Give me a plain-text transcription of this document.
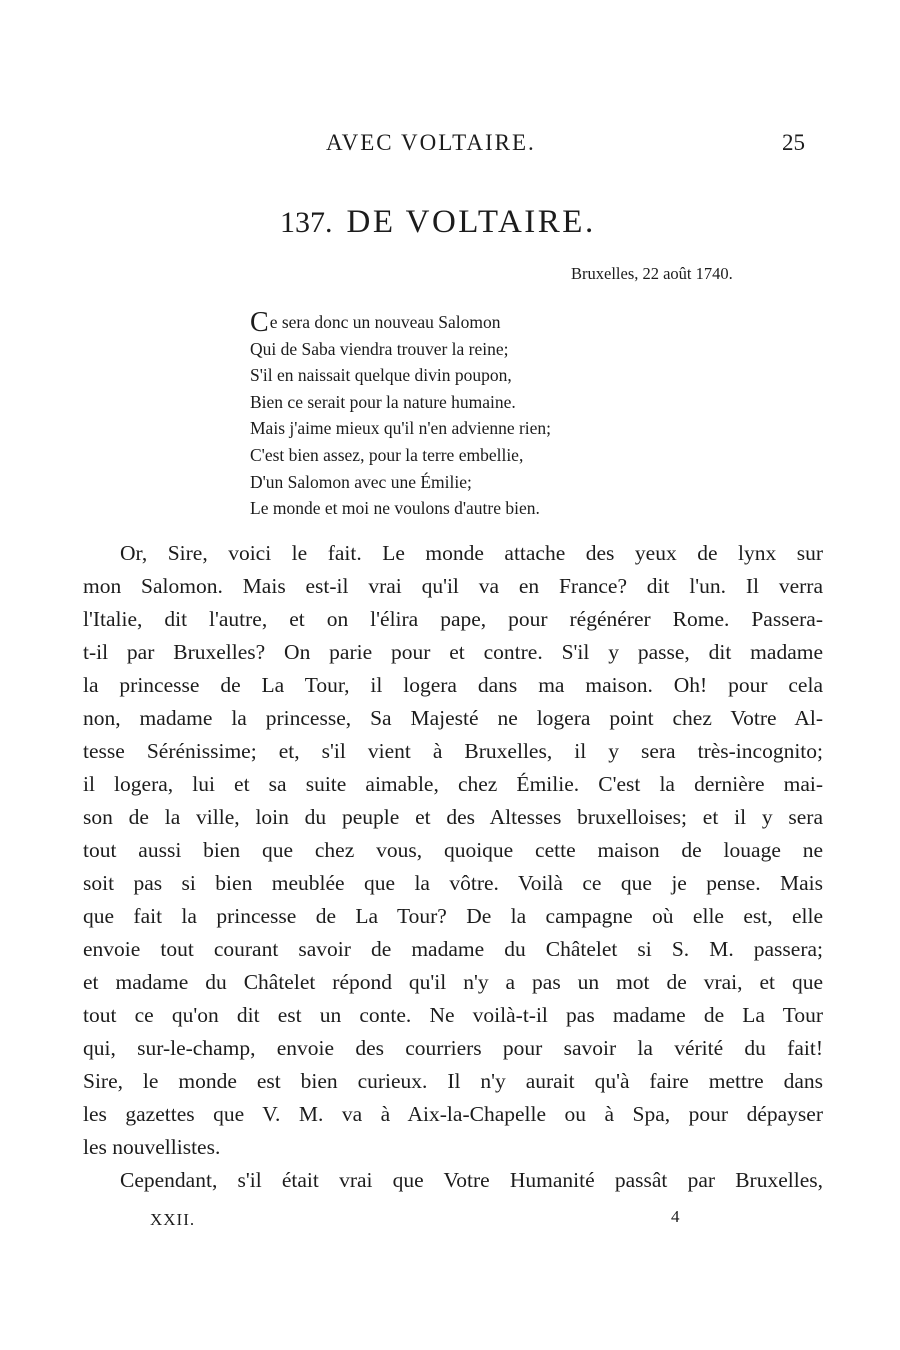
AVEC VOLTAIRE.	25
137. DE VOLTAIRE.
Bruxelles, 22 août 1740.
Ce sera donc un nouveau Salomon
Qui de Saba viendra trouver la reine;
S'il en naissait quelque divin poupon,
Bien ce serait pour la nature humaine.
Mais j'aime mieux qu'il n'en advienne rien;
C'est bien assez, pour la terre embellie,
D'un Salomon avec une Émilie;
Le monde et moi ne voulons d'autre bien.
Or, Sire, voici le fait. Le monde attache des yeux de lynx sur
mon Salomon. Mais est-il vrai qu'il va en France? dit l'un. Il verra
l'Italie, dit l'autre, et on l'élira pape, pour régénérer Rome. Passera-
t-il par Bruxelles? On parie pour et contre. S'il y passe, dit madame
la princesse de La Tour, il logera dans ma maison. Oh! pour cela
non, madame la princesse, Sa Majesté ne logera point chez Votre Al-
tesse Sérénissime; et, s'il vient à Bruxelles, il y sera très-incognito;
il logera, lui et sa suite aimable, chez Émilie. C'est la dernière mai-
son de la ville, loin du peuple et des Altesses bruxelloises; et il y sera
tout aussi bien que chez vous, quoique cette maison de louage ne
soit pas si bien meublée que la vôtre. Voilà ce que je pense. Mais
que fait la princesse de La Tour? De la campagne où elle est, elle
envoie tout courant savoir de madame du Châtelet si S. M. passera;
et madame du Châtelet répond qu'il n'y a pas un mot de vrai, et que
tout ce qu'on dit est un conte. Ne voilà-t-il pas madame de La Tour
qui, sur-le-champ, envoie des courriers pour savoir la vérité du fait!
Sire, le monde est bien curieux. Il n'y aurait qu'à faire mettre dans
les gazettes que V. M. va à Aix-la-Chapelle ou à Spa, pour dépayser
les nouvellistes.
Cependant, s'il était vrai que Votre Humanité passât par Bruxelles,
XXII.	4
